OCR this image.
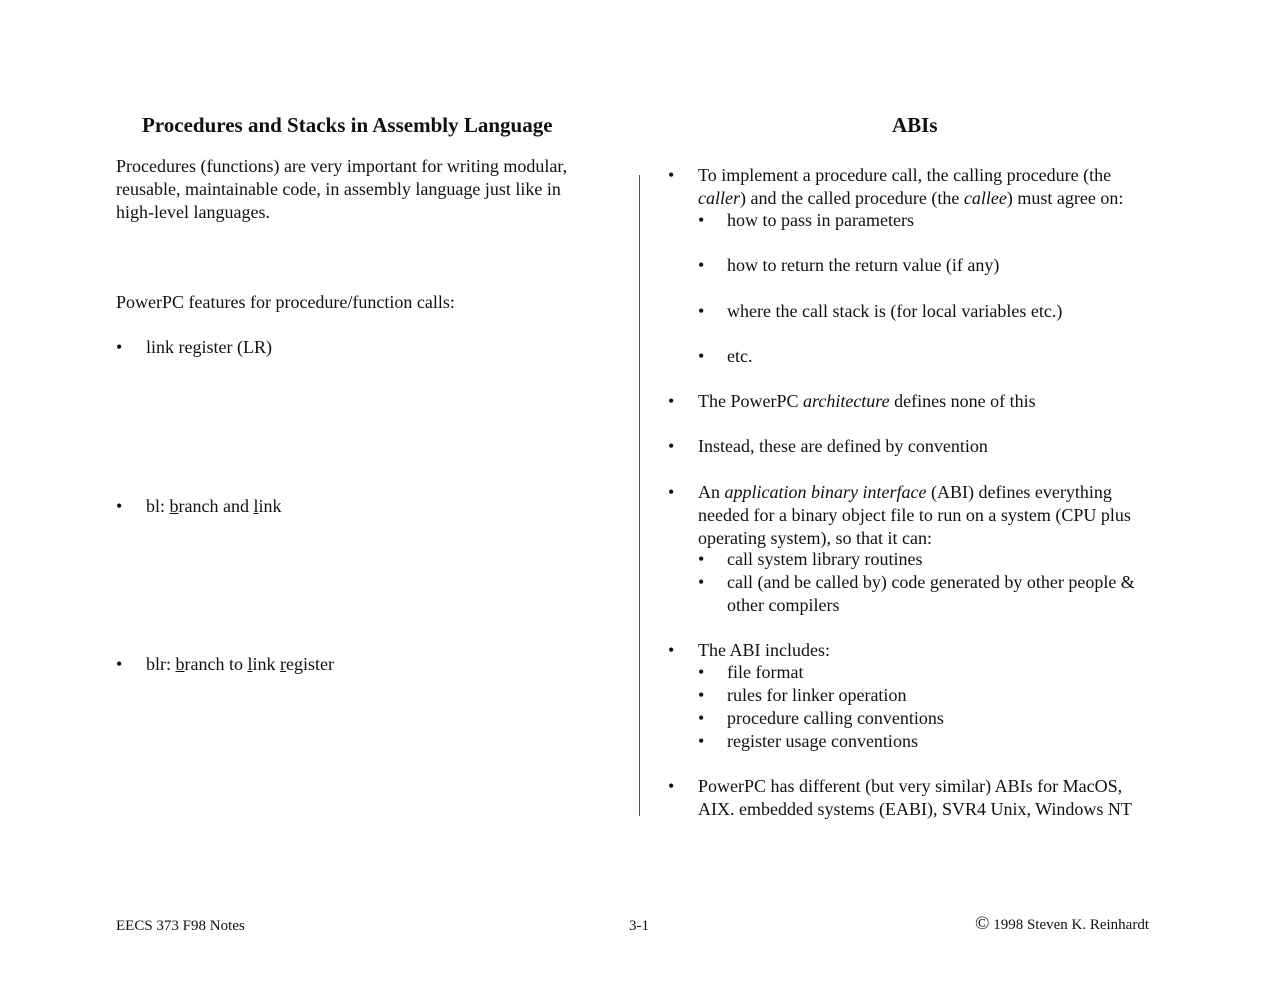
Procedures and Stacks in Assembly Language
Procedures (functions) are very important for writing modular,
reusable, maintainable code, in assembly language just like in
high-level languages.
PowerPC features for procedure/function calls:
• link register (LR)
• bl: branch and link
• blr: branch to link register
ABIs
• To implement a procedure call, the calling procedure (the
caller) and the called procedure (the callee) must agree on:
• how to pass in parameters
• how to return the return value (if any)
• where the call stack is (for local variables etc.)
• etc.
• The PowerPC architecture defines none of this
• Instead, these are defined by convention
• An application binary interface (ABI) defines everything
needed for a binary object file to run on a system (CPU plus
operating system), so that it can:
• call system library routines
• call (and be called by) code generated by other people &
other compilers
• The ABI includes:
• file format
• rules for linker operation
• procedure calling conventions
• register usage conventions
• PowerPC has different (but very similar) ABIs for MacOS,
AIX. embedded systems (EABI), SVR4 Unix, Windows NT
EECS 373 F98 Notes	3-1	© 1998 Steven K. Reinhardt
